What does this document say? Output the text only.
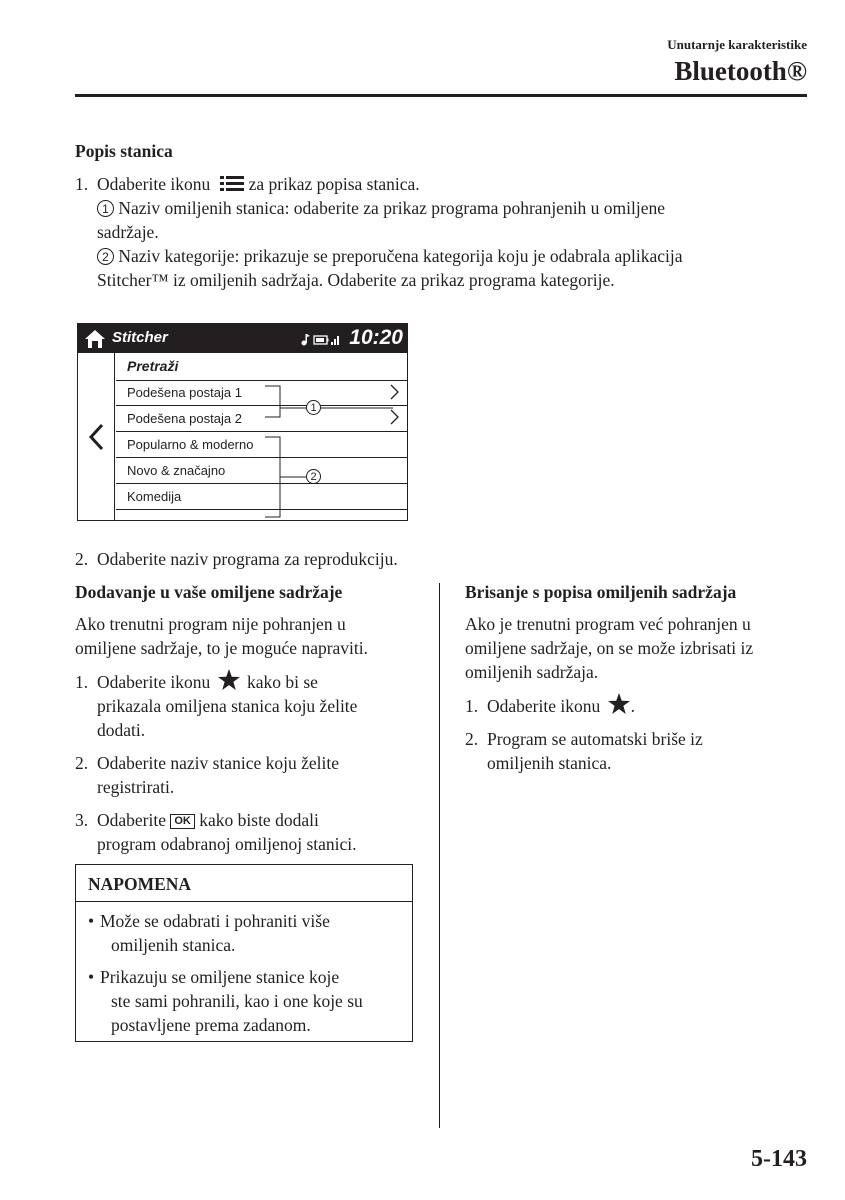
Unutarnje karakteristike
Bluetooth®
Popis stanica
1. Odaberite ikonu za prikaz popisa stanica.
1 Naziv omiljenih stanica: odaberite za prikaz programa pohranjenih u omiljene
sadržaje.
2 Naziv kategorije: prikazuje se preporučena kategorija koju je odabrala aplikacija
Stitcher™ iz omiljenih sadržaja. Odaberite za prikaz programa kategorije.
Stitcher	10:20
Pretraži
Podešena postaja 1
Podešena postaja 2
Popularno & moderno
Novo & značajno
Komedija
1
2
2. Odaberite naziv programa za reprodukciju.
Dodavanje u vaše omiljene sadržaje
Ako trenutni program nije pohranjen u
omiljene sadržaje, to je moguće napraviti.
1. Odaberite ikonu kako bi se
prikazala omiljena stanica koju želite
dodati.
2. Odaberite naziv stanice koju želite
registrirati.
3. Odaberite OK kako biste dodali
program odabranoj omiljenoj stanici.
NAPOMENA
• Može se odabrati i pohraniti više
omiljenih stanica.
• Prikazuju se omiljene stanice koje
ste sami pohranili, kao i one koje su
postavljene prema zadanom.
Brisanje s popisa omiljenih sadržaja
Ako je trenutni program već pohranjen u
omiljene sadržaje, on se može izbrisati iz
omiljenih sadržaja.
1. Odaberite ikonu .
2. Program se automatski briše iz
omiljenih stanica.
5-143
